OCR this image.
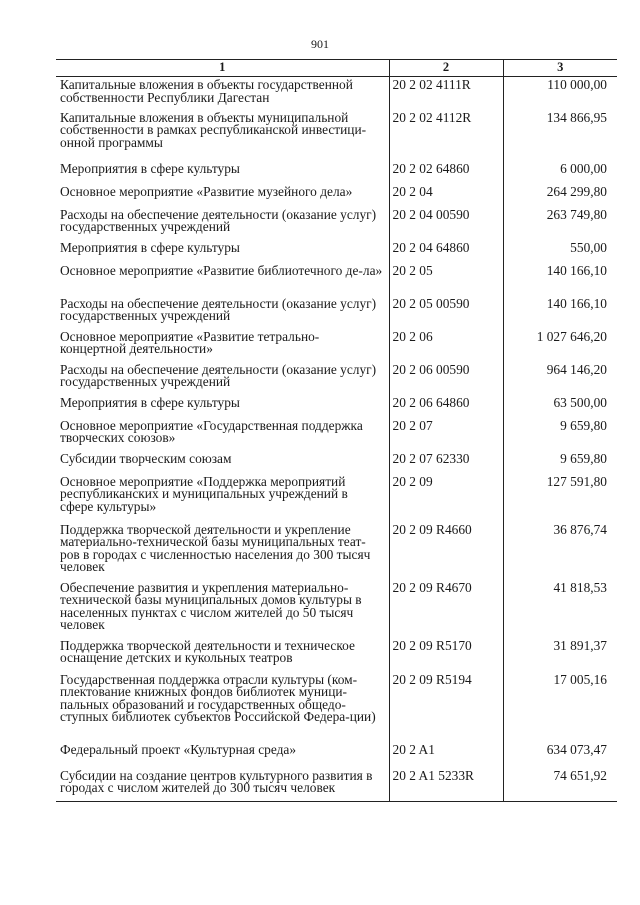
901
1	2	3
Капитальные вложения в объекты государственной собственности Республики Дагестан	20 2 02 4111R	110 000,00
Капитальные вложения в объекты муниципальной собственности в рамках республиканской инвестици-онной программы	20 2 02 4112R	134 866,95
Мероприятия в сфере культуры	20 2 02 64860	6 000,00
Основное мероприятие «Развитие музейного дела»	20 2 04	264 299,80
Расходы на обеспечение деятельности (оказание услуг) государственных учреждений	20 2 04 00590	263 749,80
Мероприятия в сфере культуры	20 2 04 64860	550,00
Основное мероприятие «Развитие библиотечного де-ла»	20 2 05	140 166,10
Расходы на обеспечение деятельности (оказание услуг) государственных учреждений	20 2 05 00590	140 166,10
Основное мероприятие «Развитие тетрально-концертной деятельности»	20 2 06	1 027 646,20
Расходы на обеспечение деятельности (оказание услуг) государственных учреждений	20 2 06 00590	964 146,20
Мероприятия в сфере культуры	20 2 06 64860	63 500,00
Основное мероприятие «Государственная поддержка творческих союзов»	20 2 07	9 659,80
Субсидии творческим союзам	20 2 07 62330	9 659,80
Основное мероприятие «Поддержка мероприятий республиканских и муниципальных учреждений в сфере культуры»	20 2 09	127 591,80
Поддержка творческой деятельности и укрепление материально-технической базы муниципальных теат-ров в городах с численностью населения до 300 тысяч человек	20 2 09 R4660	36 876,74
Обеспечение развития и укрепления материально-технической базы муниципальных домов культуры в населенных пунктах с числом жителей до 50 тысяч человек	20 2 09 R4670	41 818,53
Поддержка творческой деятельности и техническое оснащение детских и кукольных театров	20 2 09 R5170	31 891,37
Государственная поддержка отрасли культуры (ком-плектование книжных фондов библиотек муници-пальных образований и государственных общедо-ступных библиотек субъектов Российской Федера-ции)	20 2 09 R5194	17 005,16
Федеральный проект «Культурная среда»	20 2 A1	634 073,47
Субсидии на создание центров культурного развития в городах с числом жителей до 300 тысяч человек	20 2 A1 5233R	74 651,92
